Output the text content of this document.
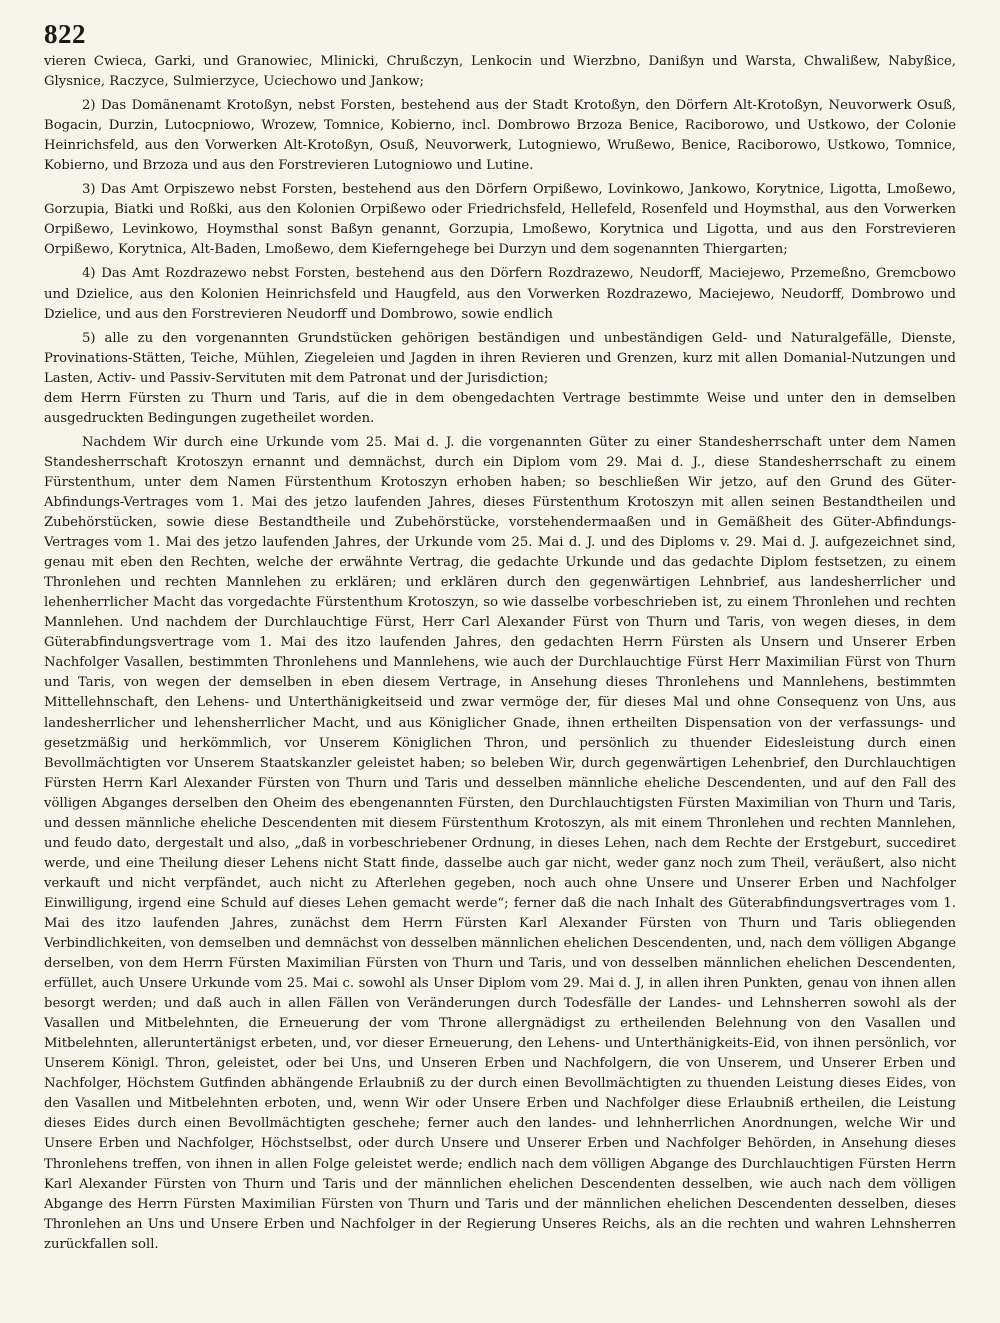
822

vieren Cwieca, Garki, und Granowiec, Mlinicki, Chrußczyn, Lenkocin und Wierzbno, Danißyn und Warsta, Chwalißew, Nabyßice, Glysnice, Raczyce, Sulmierzyce, Uciechowo und Jankow;

2) Das Domänenamt Krotoßyn, nebst Forsten, bestehend aus der Stadt Krotoßyn, den Dörfern Alt-Krotoßyn, Neuvorwerk Osuß, Bogacin, Durzin, Lutocpniowo, Wrozew, Tomnice, Kobierno, incl. Dombrowo Brzoza Benice, Raciborowo, und Ustkowo, der Colonie Heinrichsfeld, aus den Vorwerken Alt-Krotoßyn, Osuß, Neuvorwerk, Lutogniewo, Wrußewo, Benice, Raciborowo, Ustkowo, Tomnice, Kobierno, und Brzoza und aus den Forstrevieren Lutogniowo und Lutine.

3) Das Amt Orpiszewo nebst Forsten, bestehend aus den Dörfern Orpißewo, Lovinkowo, Jankowo, Korytnice, Ligotta, Lmoßewo, Gorzupia, Biatki und Roßki, aus den Kolonien Orpißewo oder Friedrichsfeld, Hellefeld, Rosenfeld und Hoymsthal, aus den Vorwerken Orpißewo, Levinkowo, Hoymsthal sonst Baßyn genannt, Gorzupia, Lmoßewo, Korytnica und Ligotta, und aus den Forstrevieren Orpißewo, Korytnica, Alt-Baden, Lmoßewo, dem Kieferngehege bei Durzyn und dem sogenannten Thiergarten;

4) Das Amt Rozdrazewo nebst Forsten, bestehend aus den Dörfern Rozdrazewo, Neudorff, Maciejewo, Przemeßno, Gremcbowo und Dzielice, aus den Kolonien Heinrichsfeld und Haugfeld, aus den Vorwerken Rozdrazewo, Maciejewo, Neudorff, Dombrowo und Dzielice, und aus den Forstrevieren Neudorff und Dombrowo, sowie endlich

5) alle zu den vorgenannten Grundstücken gehörigen beständigen und unbeständigen Geld- und Naturalgefälle, Dienste, Provinations-Stätten, Teiche, Mühlen, Ziegeleien und Jagden in ihren Revieren und Grenzen, kurz mit allen Domanial-Nutzungen und Lasten, Activ- und Passiv-Servituten mit dem Patronat und der Jurisdiction;

dem Herrn Fürsten zu Thurn und Taris, auf die in dem obengedachten Vertrage bestimmte Weise und unter den in demselben ausgedruckten Bedingungen zugetheilet worden.

Nachdem Wir durch eine Urkunde vom 25. Mai d. J. die vorgenannten Güter zu einer Standesherrschaft unter dem Namen Standesherrschaft Krotoszyn ernannt und demnächst, durch ein Diplom vom 29. Mai d. J., diese Standesherrschaft zu einem Fürstenthum, unter dem Namen Fürstenthum Krotoszyn erhoben haben; so beschließen Wir jetzo, auf den Grund des Güter-Abfindungs-Vertrages vom 1. Mai des jetzo laufenden Jahres, dieses Fürstenthum Krotoszyn mit allen seinen Bestandtheilen und Zubehörstücken, sowie diese Bestandtheile und Zubehörstücke, vorstehendermaaßen und in Gemäßheit des Güter-Abfindungs-Vertrages vom 1. Mai des jetzo laufenden Jahres, der Urkunde vom 25. Mai d. J. und des Diploms v. 29. Mai d. J. aufgezeichnet sind, genau mit eben den Rechten, welche der erwähnte Vertrag, die gedachte Urkunde und das gedachte Diplom festsetzen, zu einem Thronlehen und rechten Mannlehen zu erklären; und erklären durch den gegenwärtigen Lehnbrief, aus landesherrlicher und lehenherrlicher Macht das vorgedachte Fürstenthum Krotoszyn, so wie dasselbe vorbeschrieben ist, zu einem Thronlehen und rechten Mannlehen. Und nachdem der Durchlauchtige Fürst, Herr Carl Alexander Fürst von Thurn und Taris, von wegen dieses, in dem Güterabfindungsvertrage vom 1. Mai des itzo laufenden Jahres, den gedachten Herrn Fürsten als Unsern und Unserer Erben Nachfolger Vasallen, bestimmten Thronlehens und Mannlehens, wie auch der Durchlauchtige Fürst Herr Maximilian Fürst von Thurn und Taris, von wegen der demselben in eben diesem Vertrage, in Ansehung dieses Thronlehens und Mannlehens, bestimmten Mittellehnschaft, den Lehens- und Unterthänigkeitseid und zwar vermöge der, für dieses Mal und ohne Consequenz von Uns, aus landesherrlicher und lehensherrlicher Macht, und aus Königlicher Gnade, ihnen ertheilten Dispensation von der verfassungs- und gesetzmäßig und herkömmlich, vor Unserem Königlichen Thron, und persönlich zu thuender Eidesleistung durch einen Bevollmächtigten vor Unserem Staatskanzler geleistet haben; so beleben Wir, durch gegenwärtigen Lehenbrief, den Durchlauchtigen Fürsten Herrn Karl Alexander Fürsten von Thurn und Taris und desselben männliche eheliche Descendenten, und auf den Fall des völligen Abganges derselben den Oheim des ebengenannten Fürsten, den Durchlauchtigsten Fürsten Maximilian von Thurn und Taris, und dessen männliche eheliche Descendenten mit diesem Fürstenthum Krotoszyn, als mit einem Thronlehen und rechten Mannlehen, und feudo dato, dergestalt und also, „daß in vorbeschriebener Ordnung, in dieses Lehen, nach dem Rechte der Erstgeburt, succediret werde, und eine Theilung dieser Lehens nicht Statt finde, dasselbe auch gar nicht, weder ganz noch zum Theil, veräußert, also nicht verkauft und nicht verpfändet, auch nicht zu Afterlehen gegeben, noch auch ohne Unsere und Unserer Erben und Nachfolger Einwilligung, irgend eine Schuld auf dieses Lehen gemacht werde“; ferner daß die nach Inhalt des Güterabfindungsvertrages vom 1. Mai des itzo laufenden Jahres, zunächst dem Herrn Fürsten Karl Alexander Fürsten von Thurn und Taris obliegenden Verbindlichkeiten, von demselben und demnächst von desselben männlichen ehelichen Descendenten, und, nach dem völligen Abgange derselben, von dem Herrn Fürsten Maximilian Fürsten von Thurn und Taris, und von desselben männlichen ehelichen Descendenten, erfüllet, auch Unsere Urkunde vom 25. Mai c. sowohl als Unser Diplom vom 29. Mai d. J, in allen ihren Punkten, genau von ihnen allen besorgt werden; und daß auch in allen Fällen von Veränderungen durch Todesfälle der Landes- und Lehnsherren sowohl als der Vasallen und Mitbelehnten, die Erneuerung der vom Throne allergnädigst zu ertheilenden Belehnung von den Vasallen und Mitbelehnten, alleruntertänigst erbeten, und, vor dieser Erneuerung, den Lehens- und Unterthänigkeits-Eid, von ihnen persönlich, vor Unserem Königl. Thron, geleistet, oder bei Uns, und Unseren Erben und Nachfolgern, die von Unserem, und Unserer Erben und Nachfolger, Höchstem Gutfinden abhängende Erlaubniß zu der durch einen Bevollmächtigten zu thuenden Leistung dieses Eides, von den Vasallen und Mitbelehnten erboten, und, wenn Wir oder Unsere Erben und Nachfolger diese Erlaubniß ertheilen, die Leistung dieses Eides durch einen Bevollmächtigten geschehe; ferner auch den landes- und lehnherrlichen Anordnungen, welche Wir und Unsere Erben und Nachfolger, Höchstselbst, oder durch Unsere und Unserer Erben und Nachfolger Behörden, in Ansehung dieses Thronlehens treffen, von ihnen in allen Folge geleistet werde; endlich nach dem völligen Abgange des Durchlauchtigen Fürsten Herrn Karl Alexander Fürsten von Thurn und Taris und der männlichen ehelichen Descendenten desselben, wie auch nach dem völligen Abgange des Herrn Fürsten Maximilian Fürsten von Thurn und Taris und der männlichen ehelichen Descendenten desselben, dieses Thronlehen an Uns und Unsere Erben und Nachfolger in der Regierung Unseres Reichs, als an die rechten und wahren Lehnsherren zurückfallen soll.
